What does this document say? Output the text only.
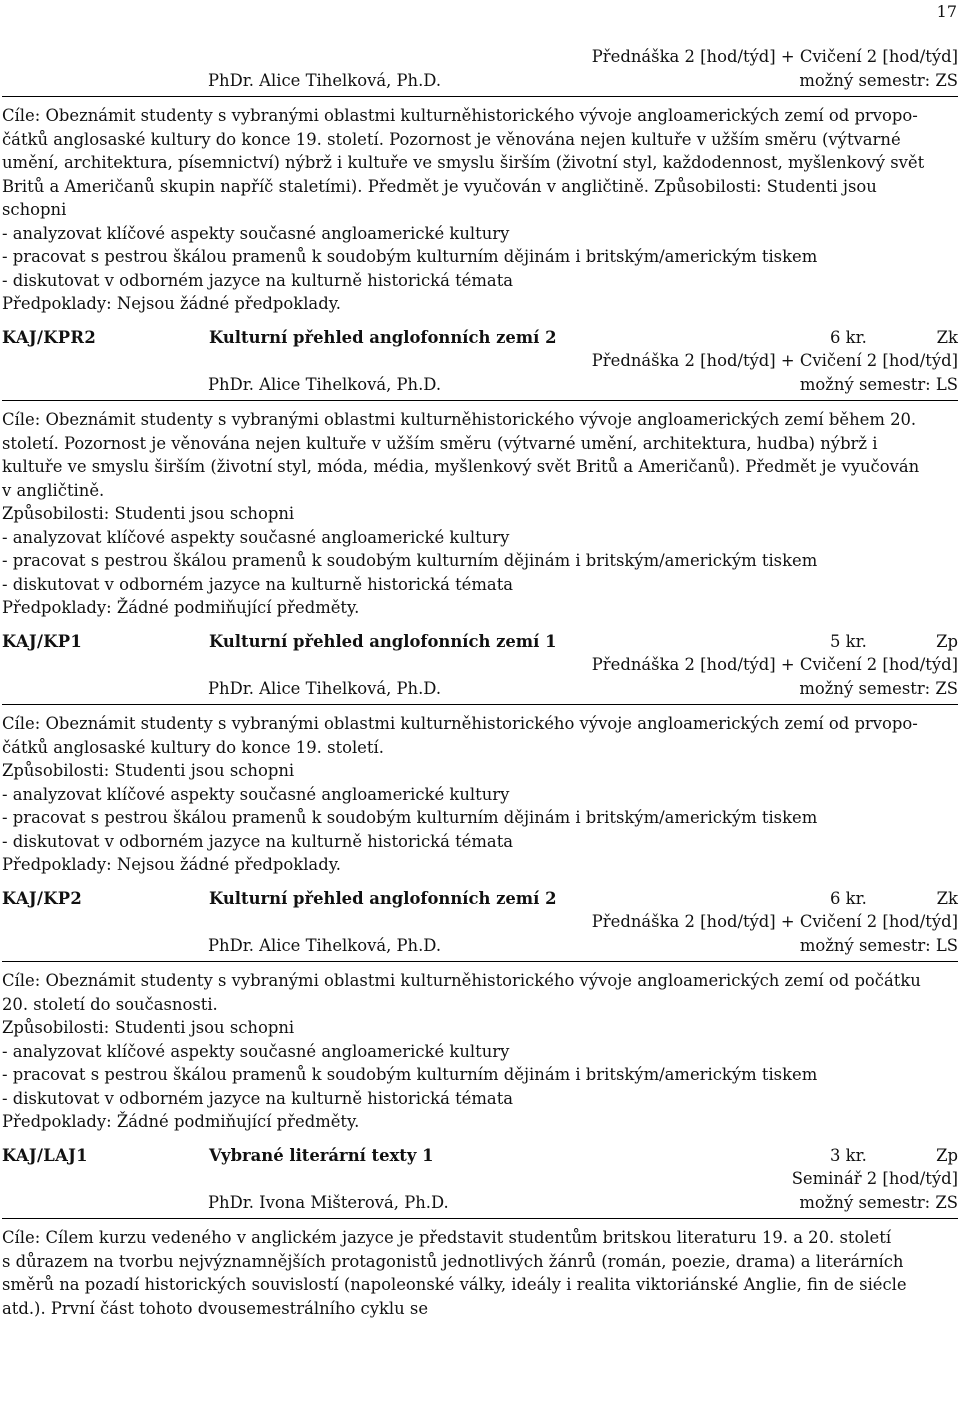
17
Přednáška 2 [hod/týd] + Cvičení 2 [hod/týd]
PhDr. Alice Tihelková, Ph.D.	možný semestr: ZS
Cíle: Obeznámit studenty s vybranými oblastmi kulturněhistorického vývoje angloamerických zemí od prvopo-
čátků anglosaské kultury do konce 19. století. Pozornost je věnována nejen kultuře v užším směru (výtvarné
umění, architektura, písemnictví) nýbrž i kultuře ve smyslu širším (životní styl, každodennost, myšlenkový svět
Britů a Američanů skupin napříč staletími). Předmět je vyučován v angličtině. Způsobilosti: Studenti jsou
schopni
- analyzovat klíčové aspekty současné angloamerické kultury
- pracovat s pestrou škálou pramenů k soudobým kulturním dějinám i britským/americkým tiskem
- diskutovat v odborném jazyce na kulturně historická témata
Předpoklady: Nejsou žádné předpoklady.
KAJ/KPR2	Kulturní přehled anglofonních zemí 2	6 kr.	Zk
Přednáška 2 [hod/týd] + Cvičení 2 [hod/týd]
PhDr. Alice Tihelková, Ph.D.	možný semestr: LS
Cíle: Obeznámit studenty s vybranými oblastmi kulturněhistorického vývoje angloamerických zemí během 20.
století. Pozornost je věnována nejen kultuře v užším směru (výtvarné umění, architektura, hudba) nýbrž i
kultuře ve smyslu širším (životní styl, móda, média, myšlenkový svět Britů a Američanů). Předmět je vyučován
v angličtině.
Způsobilosti: Studenti jsou schopni
- analyzovat klíčové aspekty současné angloamerické kultury
- pracovat s pestrou škálou pramenů k soudobým kulturním dějinám i britským/americkým tiskem
- diskutovat v odborném jazyce na kulturně historická témata
Předpoklady: Žádné podmiňující předměty.
KAJ/KP1	Kulturní přehled anglofonních zemí 1	5 kr.	Zp
Přednáška 2 [hod/týd] + Cvičení 2 [hod/týd]
PhDr. Alice Tihelková, Ph.D.	možný semestr: ZS
Cíle: Obeznámit studenty s vybranými oblastmi kulturněhistorického vývoje angloamerických zemí od prvopo-
čátků anglosaské kultury do konce 19. století.
Způsobilosti: Studenti jsou schopni
- analyzovat klíčové aspekty současné angloamerické kultury
- pracovat s pestrou škálou pramenů k soudobým kulturním dějinám i britským/americkým tiskem
- diskutovat v odborném jazyce na kulturně historická témata
Předpoklady: Nejsou žádné předpoklady.
KAJ/KP2	Kulturní přehled anglofonních zemí 2	6 kr.	Zk
Přednáška 2 [hod/týd] + Cvičení 2 [hod/týd]
PhDr. Alice Tihelková, Ph.D.	možný semestr: LS
Cíle: Obeznámit studenty s vybranými oblastmi kulturněhistorického vývoje angloamerických zemí od počátku
20. století do současnosti.
Způsobilosti: Studenti jsou schopni
- analyzovat klíčové aspekty současné angloamerické kultury
- pracovat s pestrou škálou pramenů k soudobým kulturním dějinám i britským/americkým tiskem
- diskutovat v odborném jazyce na kulturně historická témata
Předpoklady: Žádné podmiňující předměty.
KAJ/LAJ1	Vybrané literární texty 1	3 kr.	Zp
Seminář 2 [hod/týd]
PhDr. Ivona Mišterová, Ph.D.	možný semestr: ZS
Cíle: Cílem kurzu vedeného v anglickém jazyce je představit studentům britskou literaturu 19. a 20. století
s důrazem na tvorbu nejvýznamnějších protagonistů jednotlivých žánrů (román, poezie, drama) a literárních
směrů na pozadí historických souvislostí (napoleonské války, ideály i realita viktoriánské Anglie, fin de siécle
atd.). První část tohoto dvousemestrálního cyklu se
